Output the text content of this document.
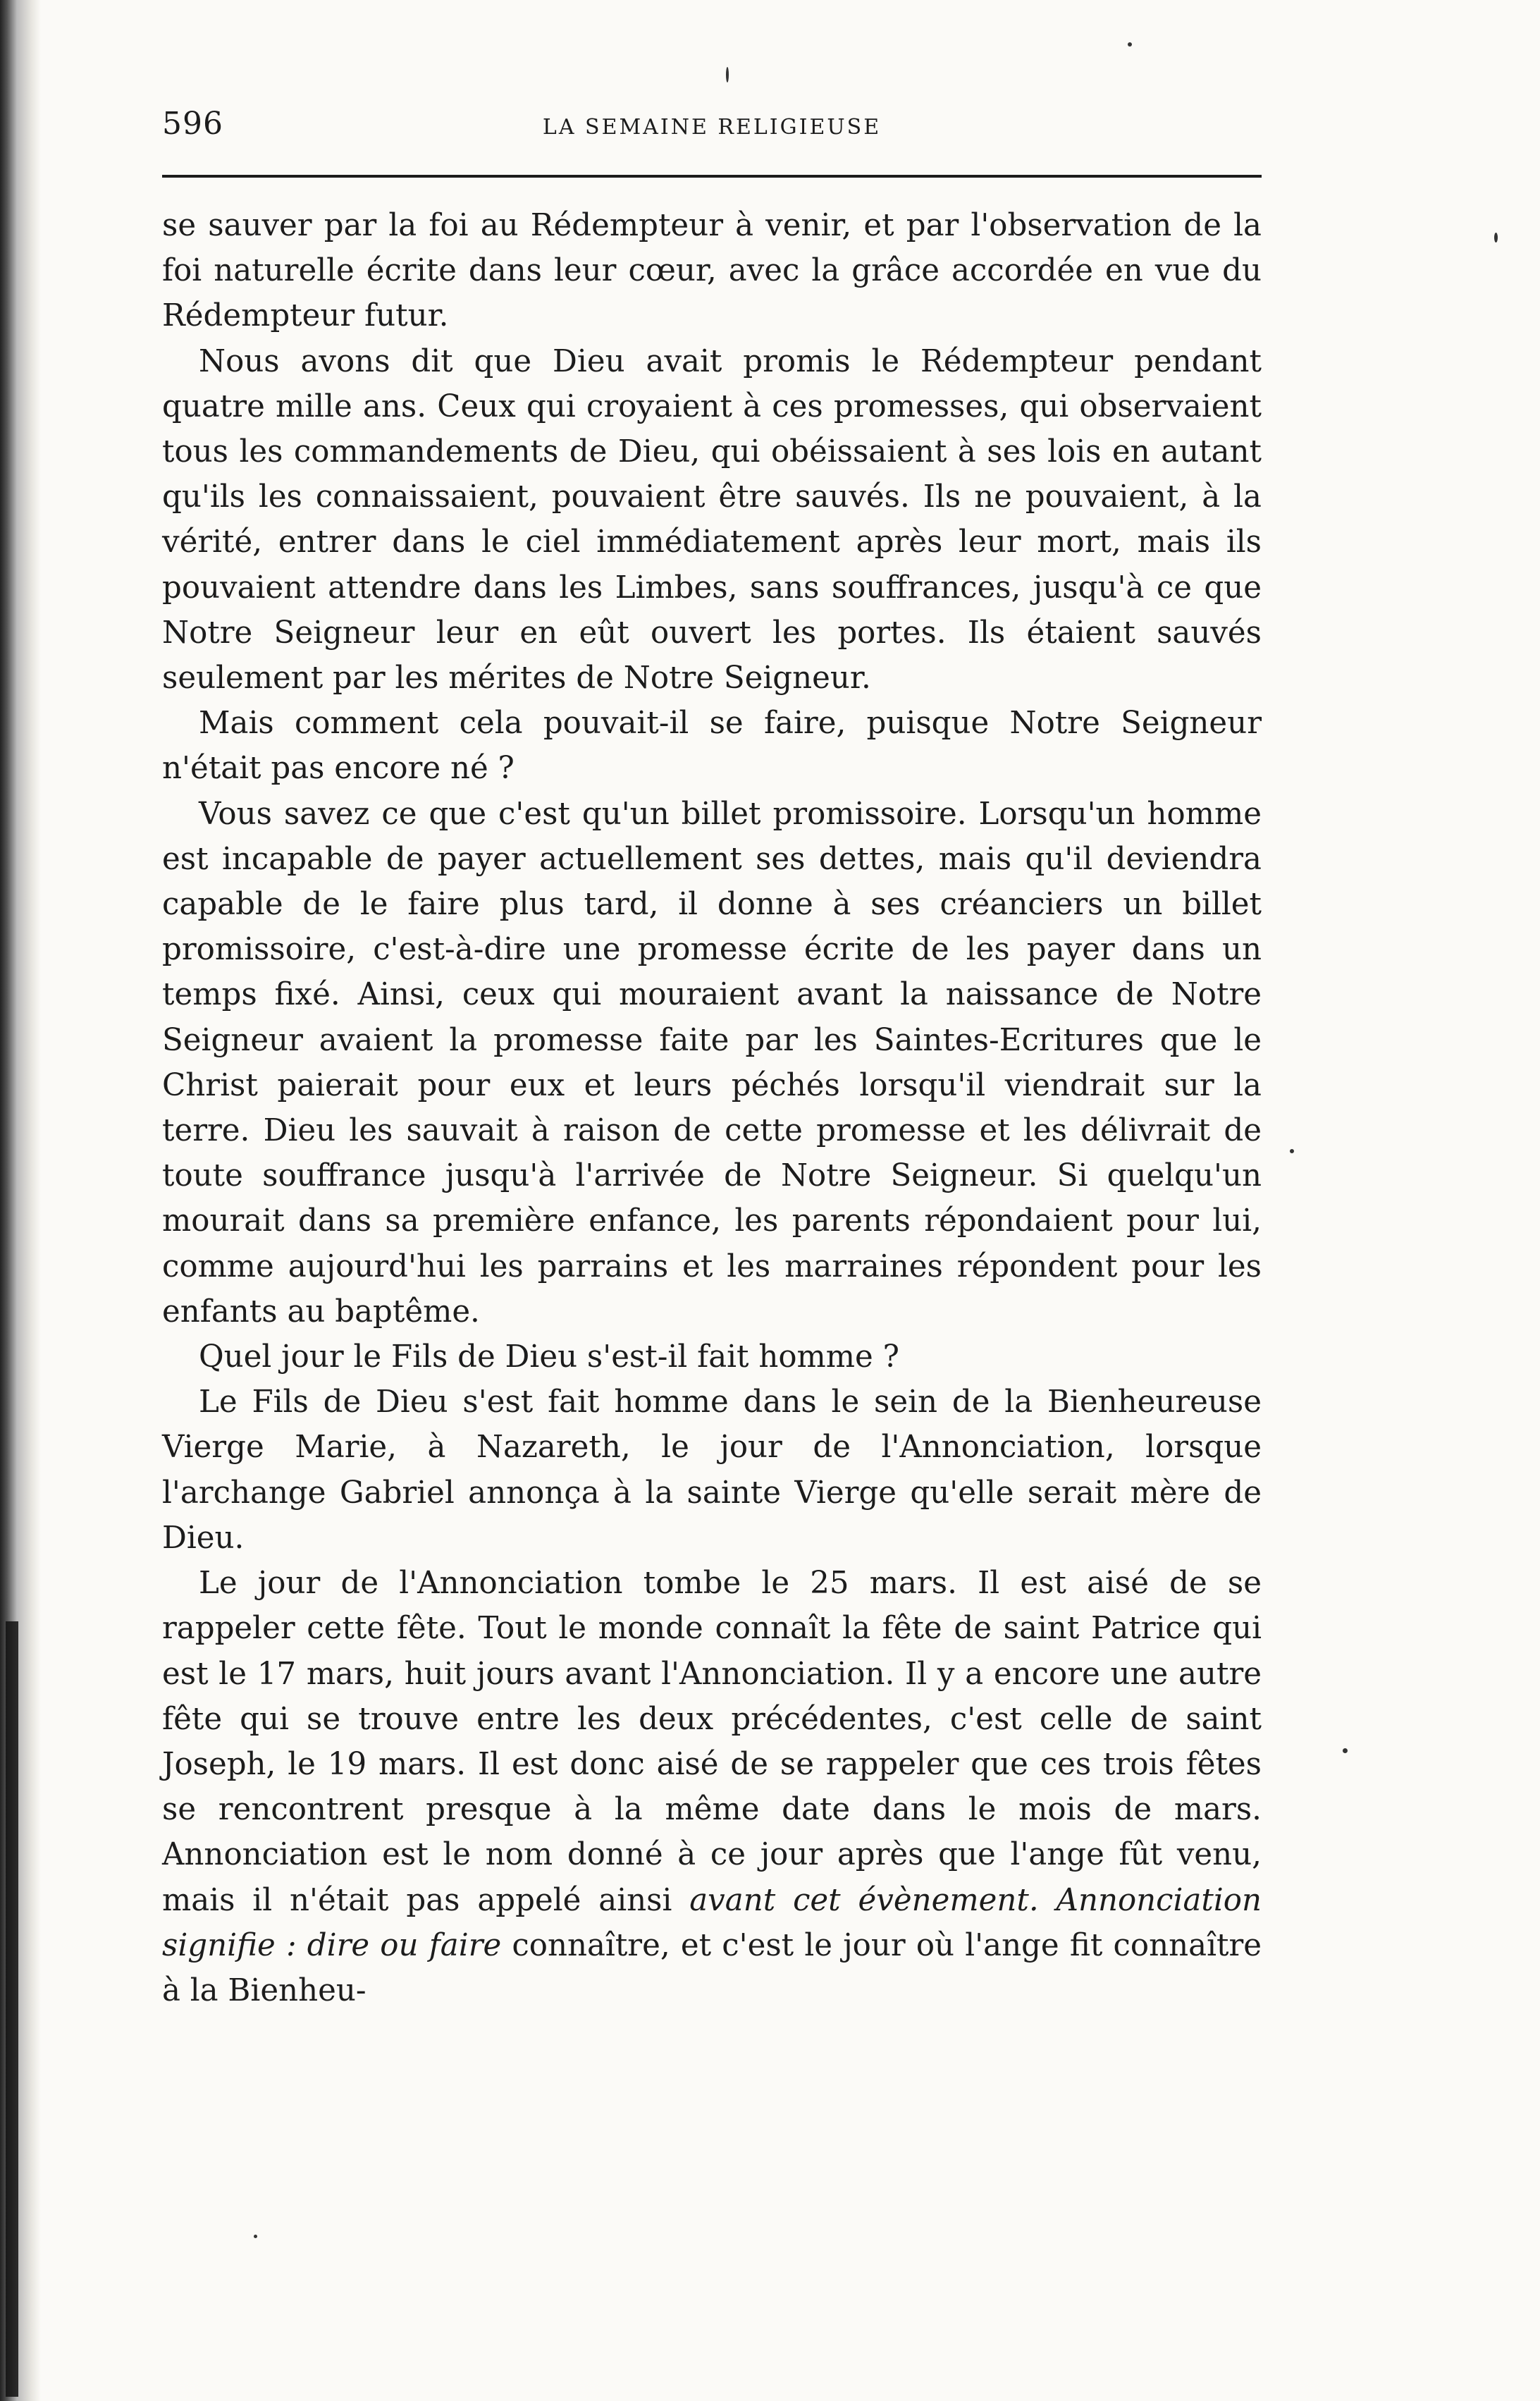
596	LA SEMAINE RELIGIEUSE

se sauver par la foi au Rédempteur à venir, et par l'observation de la foi naturelle écrite dans leur cœur, avec la grâce accordée en vue du Rédempteur futur.

Nous avons dit que Dieu avait promis le Rédempteur pendant quatre mille ans. Ceux qui croyaient à ces promesses, qui observaient tous les commandements de Dieu, qui obéissaient à ses lois en autant qu'ils les connaissaient, pouvaient être sauvés. Ils ne pouvaient, à la vérité, entrer dans le ciel immédiatement après leur mort, mais ils pouvaient attendre dans les Limbes, sans souffrances, jusqu'à ce que Notre Seigneur leur en eût ouvert les portes. Ils étaient sauvés seulement par les mérites de Notre Seigneur.

Mais comment cela pouvait-il se faire, puisque Notre Seigneur n'était pas encore né ?

Vous savez ce que c'est qu'un billet promissoire. Lorsqu'un homme est incapable de payer actuellement ses dettes, mais qu'il deviendra capable de le faire plus tard, il donne à ses créanciers un billet promissoire, c'est-à-dire une promesse écrite de les payer dans un temps fixé. Ainsi, ceux qui mouraient avant la naissance de Notre Seigneur avaient la promesse faite par les Saintes-Ecritures que le Christ paierait pour eux et leurs péchés lorsqu'il viendrait sur la terre. Dieu les sauvait à raison de cette promesse et les délivrait de toute souffrance jusqu'à l'arrivée de Notre Seigneur. Si quelqu'un mourait dans sa première enfance, les parents répondaient pour lui, comme aujourd'hui les parrains et les marraines répondent pour les enfants au baptême.

Quel jour le Fils de Dieu s'est-il fait homme ?

Le Fils de Dieu s'est fait homme dans le sein de la Bienheureuse Vierge Marie, à Nazareth, le jour de l'Annonciation, lorsque l'archange Gabriel annonça à la sainte Vierge qu'elle serait mère de Dieu.

Le jour de l'Annonciation tombe le 25 mars. Il est aisé de se rappeler cette fête. Tout le monde connaît la fête de saint Patrice qui est le 17 mars, huit jours avant l'Annonciation. Il y a encore une autre fête qui se trouve entre les deux précédentes, c'est celle de saint Joseph, le 19 mars. Il est donc aisé de se rappeler que ces trois fêtes se rencontrent presque à la même date dans le mois de mars. Annonciation est le nom donné à ce jour après que l'ange fût venu, mais il n'était pas appelé ainsi avant cet évènement. Annonciation signifie : dire ou faire connaître, et c'est le jour où l'ange fit connaître à la Bienheu-
